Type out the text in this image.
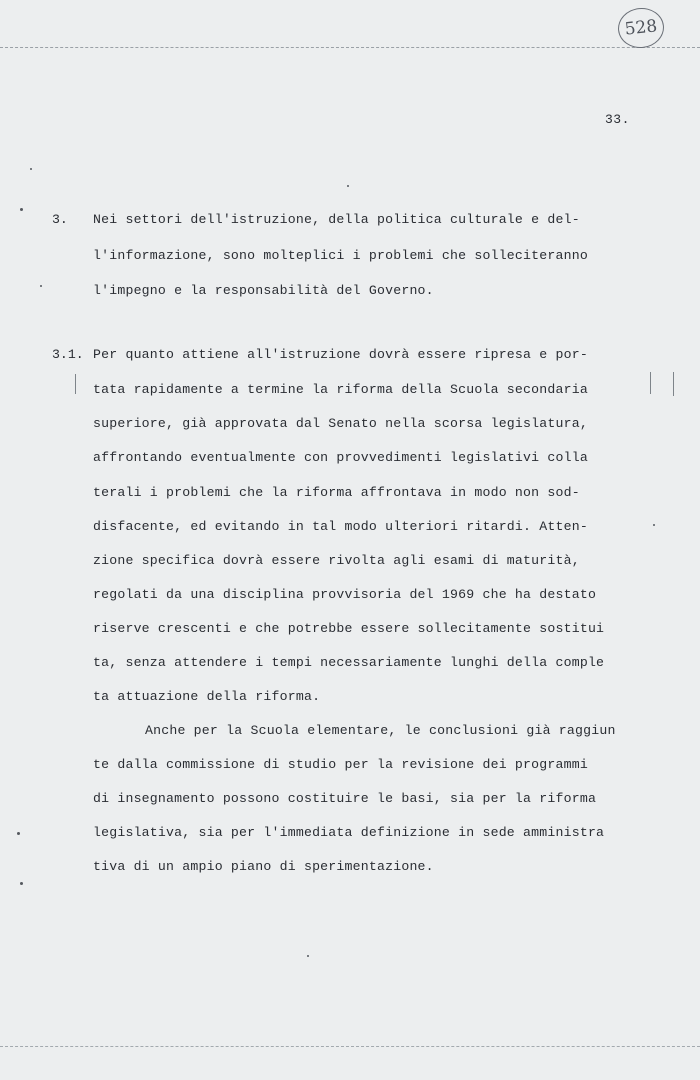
528
33.
3. Nei settori dell'istruzione, della politica culturale e del-
l'informazione, sono molteplici i problemi che solleciteranno
l'impegno e la responsabilità del Governo.
3.1. Per quanto attiene all'istruzione dovrà essere ripresa e por-
tata rapidamente a termine la riforma della Scuola secondaria
superiore, già approvata dal Senato nella scorsa legislatura,
affrontando eventualmente con provvedimenti legislativi colla
terali i problemi che la riforma affrontava in modo non sod-
disfacente, ed evitando in tal modo ulteriori ritardi. Atten-
zione specifica dovrà essere rivolta agli esami di maturità,
regolati da una disciplina provvisoria del 1969 che ha destato
riserve crescenti e che potrebbe essere sollecitamente sostitui
ta, senza attendere i tempi necessariamente lunghi della comple
ta attuazione della riforma.
Anche per la Scuola elementare, le conclusioni già raggiun
te dalla commissione di studio per la revisione dei programmi
di insegnamento possono costituire le basi, sia per la riforma
legislativa, sia per l'immediata definizione in sede amministra
tiva di un ampio piano di sperimentazione.
